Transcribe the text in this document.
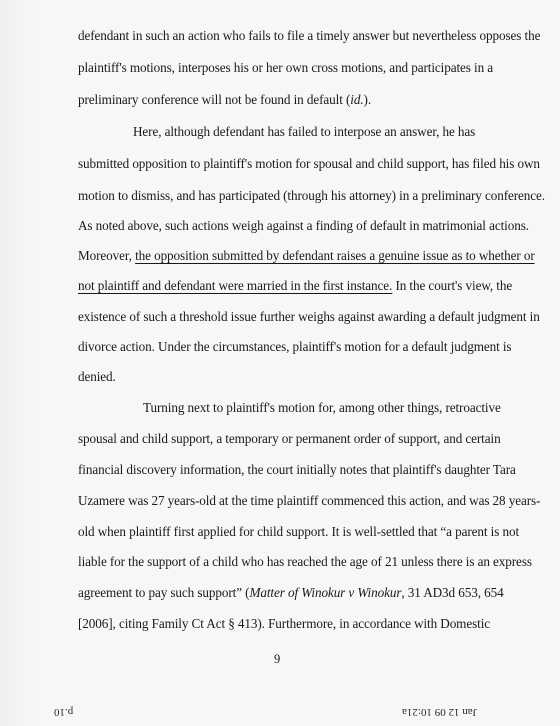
defendant in such an action who fails to file a timely answer but nevertheless opposes the
plaintiff's motions, interposes his or her own cross motions, and participates in a
preliminary conference will not be found in default (id.).
Here, although defendant has failed to interpose an answer, he has
submitted opposition to plaintiff's motion for spousal and child support, has filed his own
motion to dismiss, and has participated (through his attorney) in a preliminary conference.
As noted above, such actions weigh against a finding of default in matrimonial actions.
Moreover, the opposition submitted by defendant raises a genuine issue as to whether or
not plaintiff and defendant were married in the first instance. In the court's view, the
existence of such a threshold issue further weighs against awarding a default judgment in
divorce action. Under the circumstances, plaintiff's motion for a default judgment is
denied.
Turning next to plaintiff's motion for, among other things, retroactive
spousal and child support, a temporary or permanent order of support, and certain
financial discovery information, the court initially notes that plaintiff's daughter Tara
Uzamere was 27 years-old at the time plaintiff commenced this action, and was 28 years-
old when plaintiff first applied for child support. It is well-settled that “a parent is not
liable for the support of a child who has reached the age of 21 unless there is an express
agreement to pay such support” (Matter of Winokur v Winokur, 31 AD3d 653, 654
[2006], citing Family Ct Act § 413). Furthermore, in accordance with Domestic
9
p.10	Jan 12 09 10:21a
